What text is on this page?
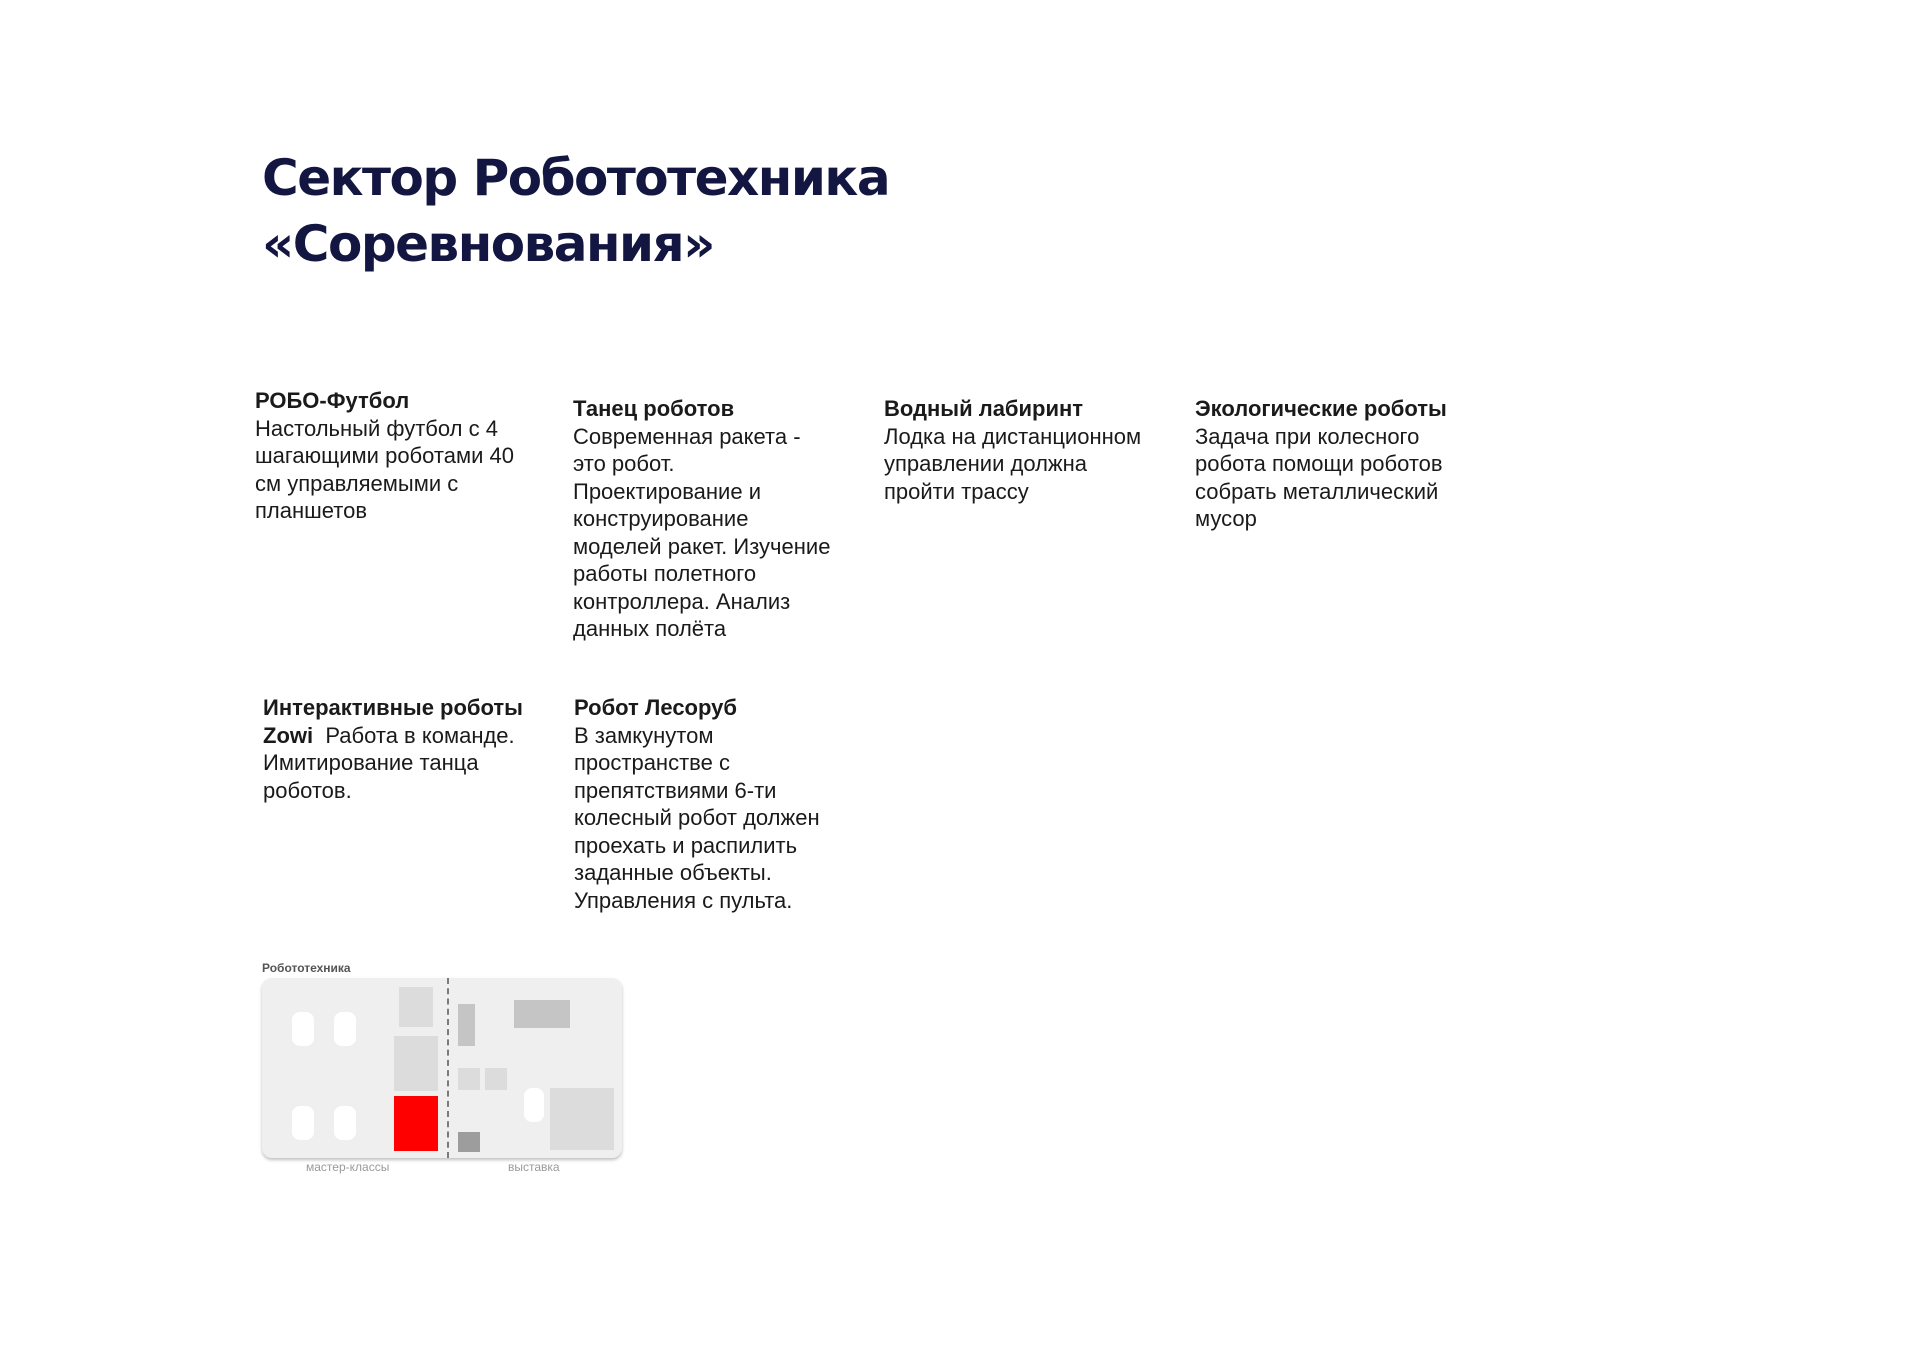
Сектор Робототехника
«Соревнования»
РОБО-Футбол
Настольный футбол с 4
шагающими роботами 40
см управляемыми с
планшетов
Танец роботов
Современная ракета -
это робот.
Проектирование и
конструирование
моделей ракет. Изучение
работы полетного
контроллера. Анализ
данных полёта
Водный лабиринт
Лодка на дистанционном
управлении должна
пройти трассу
Экологические роботы
Задача при колесного
робота помощи роботов
собрать металлический
мусор
Интерактивные роботы
Zowi Работа в команде.
Имитирование танца
роботов.
Робот Лесоруб
В замкунутом
пространстве с
препятствиями 6-ти
колесный робот должен
проехать и распилить
заданные объекты.
Управления с пульта.
Робототехника
мастер-классы	выставка
